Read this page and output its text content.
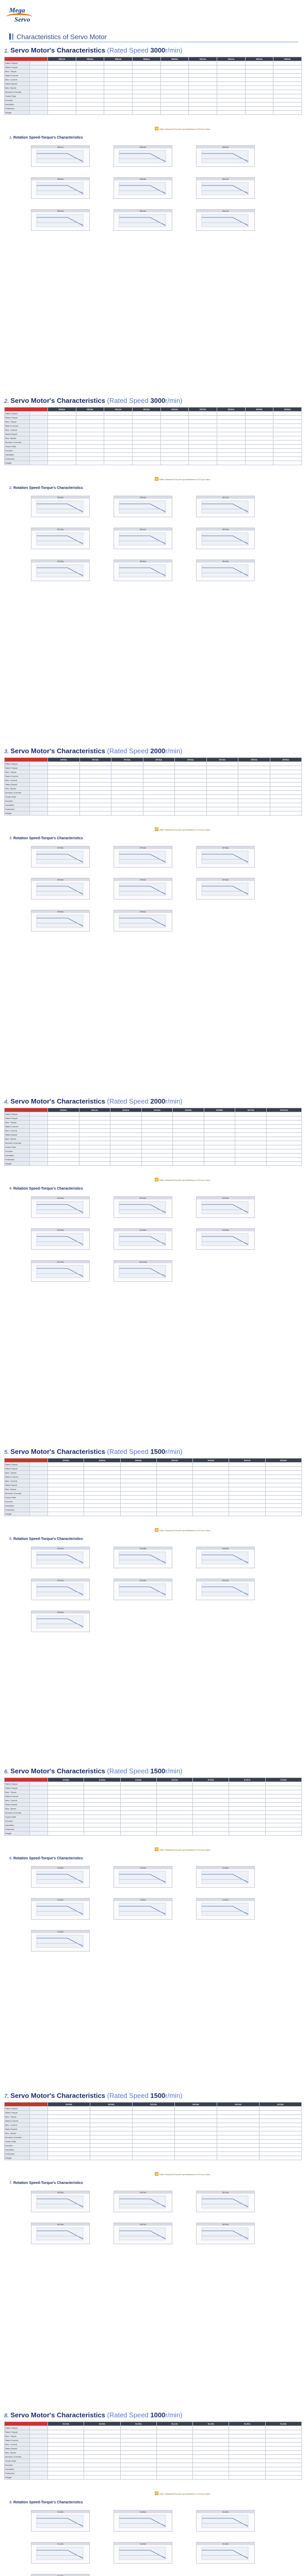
Mega
Servo
Characteristics of Servo Motor
1. Servo Motor's Characteristics (Rated Speed 3000r/min)
		SB01A	SB02A	SB04A	SB06A	SB08A	SB10A	SB12A	SB15A	SB20A
Rated Output										
Rated Torque										
Max. Torque										
Rated Current										
Max. Current										
Rated Speed										
Max. Speed										
Moment of Inertia										
Power Rate										
Encoder										
Insulation										
Protection										
Weight										
Refer Standard Encoder specifications in 62 if you have.
1. Rotation Speed-Torque's Characteristics
SB01A	SB02A	SB04A
SB06A	SB08A	SB10A
SB12A	SB15A	SB20A
2. Servo Motor's Characteristics (Rated Speed 3000r/min)
		SE06A	SE09A	SE12A	SE15A	SE20A	SE25A	SE30A	SE35A	SE45A
Rated Output										
Rated Torque										
Max. Torque										
Rated Current										
Max. Current										
Rated Speed										
Max. Speed										
Moment of Inertia										
Power Rate										
Encoder										
Insulation										
Protection										
Weight										
Refer Standard Encoder specifications in 62 if you have.
2. Rotation Speed-Torque's Characteristics
SE06A	SE09A	SE12A
SE15A	SE20A	SE25A
SE30A	SE35A	SE45A
3. Servo Motor's Characteristics (Rated Speed 2000r/min)
		SF05A	SF10A	SF15A	SF20A	SF30A	SF40A	SF50A	SF60A
Rated Output									
Rated Torque									
Max. Torque									
Rated Current									
Max. Current									
Rated Speed									
Max. Speed									
Moment of Inertia									
Power Rate									
Encoder									
Insulation									
Protection									
Weight									
Refer Standard Encoder specifications in 62 if you have.
3. Rotation Speed-Torque's Characteristics
SF05A	SF10A	SF15A
SF20A	SF30A	SF40A
SF50A	SF60A
4. Servo Motor's Characteristics (Rated Speed 2000r/min)
		SG06A	SG12A	SG20A	SG30A	SG45A	SG55A	SG75A	SG110A
Rated Output									
Rated Torque									
Max. Torque									
Rated Current									
Max. Current									
Rated Speed									
Max. Speed									
Moment of Inertia									
Power Rate									
Encoder									
Insulation									
Protection									
Weight									
Refer Standard Encoder specifications in 62 if you have.
4. Rotation Speed-Torque's Characteristics
SG06A	SG12A	SG20A
SG30A	SG45A	SG55A
SG75A	SG110A
5. Servo Motor's Characteristics (Rated Speed 1500r/min)
		SH03A	SH06A	SH09A	SH12A	SH15A	SH22A	SH30A
Rated Output								
Rated Torque								
Max. Torque								
Rated Current								
Max. Current								
Rated Speed								
Max. Speed								
Moment of Inertia								
Power Rate								
Encoder								
Insulation								
Protection								
Weight								
Refer Standard Encoder specifications in 62 if you have.
5. Rotation Speed-Torque's Characteristics
SH03A	SH06A	SH09A
SH12A	SH15A	SH22A
SH30A
6. Servo Motor's Characteristics (Rated Speed 1500r/min)
		SJ05A	SJ10A	SJ15A	SJ22A	SJ30A	SJ37A	SJ45A
Rated Output								
Rated Torque								
Max. Torque								
Rated Current								
Max. Current								
Rated Speed								
Max. Speed								
Moment of Inertia								
Power Rate								
Encoder								
Insulation								
Protection								
Weight								
Refer Standard Encoder specifications in 62 if you have.
6. Rotation Speed-Torque's Characteristics
SJ05A	SJ10A	SJ15A
SJ22A	SJ30A	SJ37A
SJ45A
7. Servo Motor's Characteristics (Rated Speed 1500r/min)
		SK05A	SK09A	SK13A	SK18A	SK22A	SK30A
Rated Output							
Rated Torque							
Max. Torque							
Rated Current							
Max. Current							
Rated Speed							
Max. Speed							
Moment of Inertia							
Power Rate							
Encoder							
Insulation							
Protection							
Weight							
Refer Standard Encoder specifications in 62 if you have.
7. Rotation Speed-Torque's Characteristics
SK05A	SK09A	SK13A
SK18A	SK22A	SK30A
8. Servo Motor's Characteristics (Rated Speed 1000r/min)
		SL03A	SL06A	SL09A	SL12A	SL20A	SL30A	SL40A
Rated Output								
Rated Torque								
Max. Torque								
Rated Current								
Max. Current								
Rated Speed								
Max. Speed								
Moment of Inertia								
Power Rate								
Encoder								
Insulation								
Protection								
Weight								
Refer Standard Encoder specifications in 62 if you have.
8. Rotation Speed-Torque's Characteristics
SL03A	SL06A	SL09A
SL12A	SL20A	SL30A
SL40A
